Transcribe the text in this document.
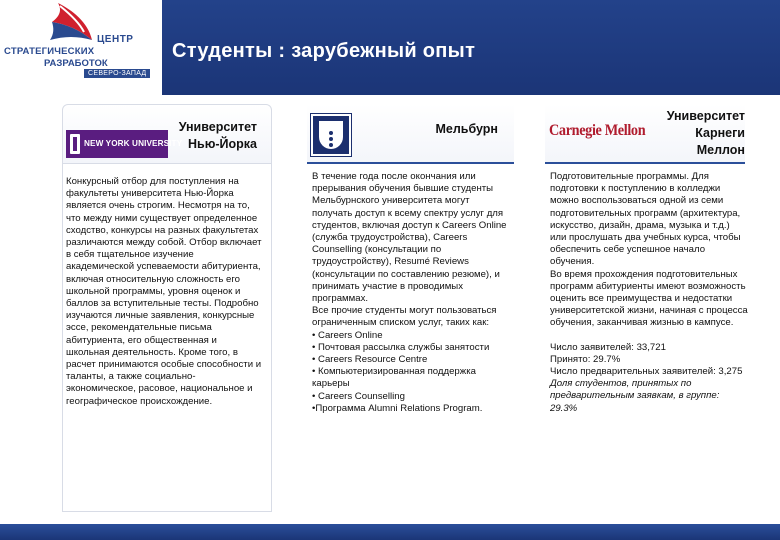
ЦЕНТР
СТРАТЕГИЧЕСКИХ
РАЗРАБОТОК
СЕВЕРО-ЗАПАД
Студенты : зарубежный опыт
Университет
Нью-Йорка
NEW YORK UNIVERSITY
Конкурсный отбор для поступления на факультеты университета Нью-Йорка является очень строгим. Несмотря на то, что между ними существует определенное сходство, конкурсы на разных факультетах различаются между собой. Отбор включает в себя тщательное изучение академической успеваемости абитуриента, включая относительную сложность его школьной программы, уровня оценок и баллов за вступительные тесты. Подробно изучаются личные заявления, конкурсные эссе, рекомендательные письма абитуриента, его общественная и школьная деятельность. Кроме того, в расчет принимаются особые способности и таланты, а также социально-экономическое, расовое, национальное и географическое происхождение.
Мельбурн
В течение года после окончания или прерывания обучения бывшие студенты Мельбурнского университета могут получать доступ к всему спектру услуг для студентов, включая доступ к Careers Online (служба трудоустройства), Careers Counselling (консультации по трудоустройству), Resumé Reviews (консультации по составлению резюме), и принимать участие в проводимых программах.
Все прочие студенты могут пользоваться ограниченным списком услуг, таких как:
• Careers Online
• Почтовая рассылка службы занятости
• Careers Resource Centre
• Компьютеризированная поддержка карьеры
• Careers Counselling
•Программа Alumni Relations Program.
Университет
Карнеги
Меллон
Carnegie Mellon
Подготовительные программы. Для подготовки к поступлению в колледжи можно воспользоваться одной из семи подготовительных программ (архитектура, искусство, дизайн, драма, музыка и т.д.) или прослушать два учебных курса, чтобы обеспечить себе успешное начало обучения.
Во время прохождения подготовительных программ абитуриенты имеют возможность оценить все преимущества и недостатки университетской жизни, начиная с процесса обучения, заканчивая жизнью в кампусе.
Число заявителей: 33,721
Принято: 29.7%
Число предварительных заявителей: 3,275
Доля студентов, принятых по предварительным заявкам, в группе: 29.3%
